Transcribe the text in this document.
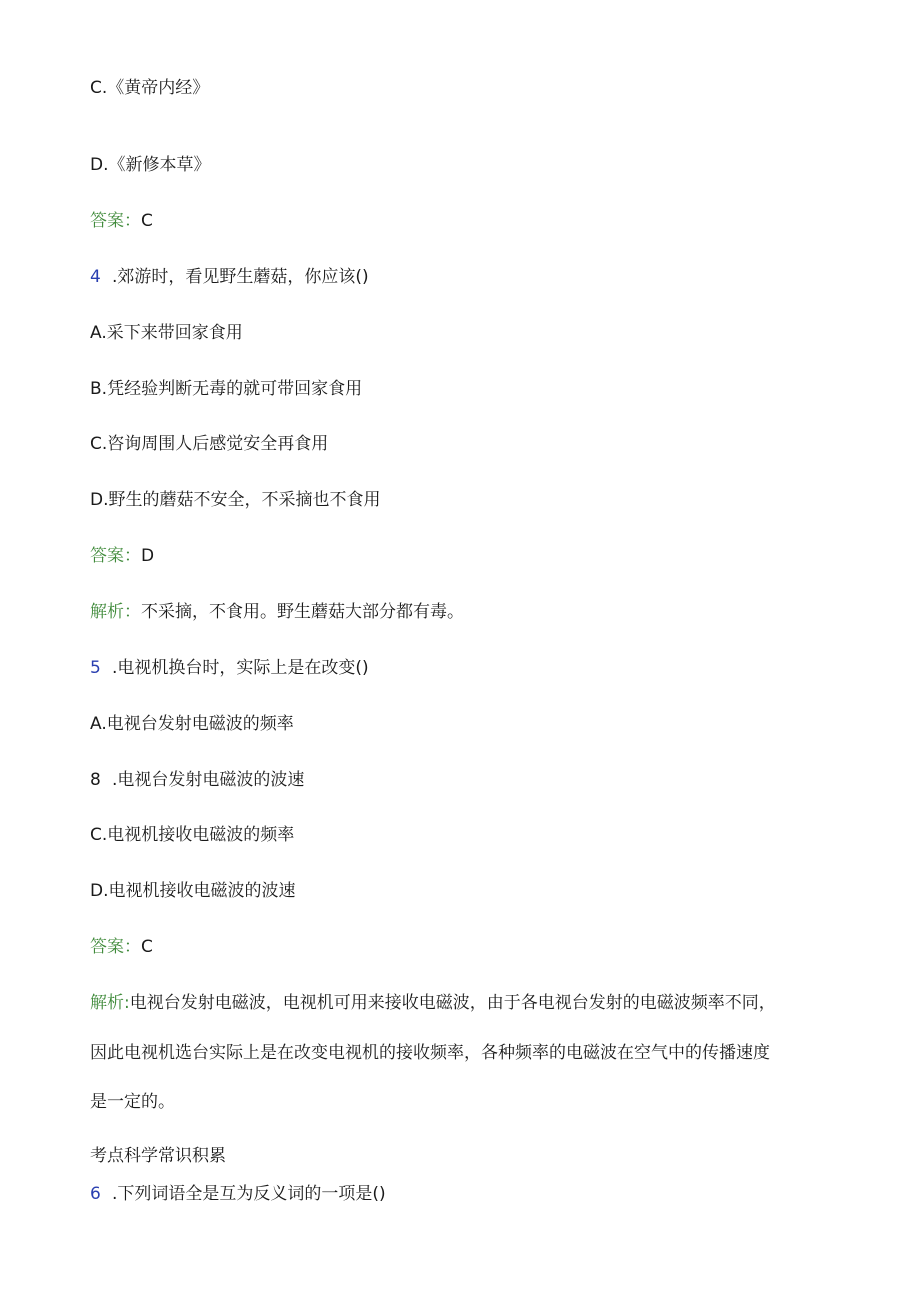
C.《黄帝内经》
D.《新修本草》
答案：C
4 .郊游时，看见野生蘑菇，你应该()
A.采下来带回家食用
B.凭经验判断无毒的就可带回家食用
C.咨询周围人后感觉安全再食用
D.野生的蘑菇不安全，不采摘也不食用
答案：D
解析：不采摘，不食用。野生蘑菇大部分都有毒。
5 .电视机换台时，实际上是在改变()
A.电视台发射电磁波的频率
8 .电视台发射电磁波的波速
C.电视机接收电磁波的频率
D.电视机接收电磁波的波速
答案：C
解析:电视台发射电磁波，电视机可用来接收电磁波，由于各电视台发射的电磁波频率不同，
因此电视机选台实际上是在改变电视机的接收频率，各种频率的电磁波在空气中的传播速度
是一定的。
考点科学常识积累
6 .下列词语全是互为反义词的一项是()
